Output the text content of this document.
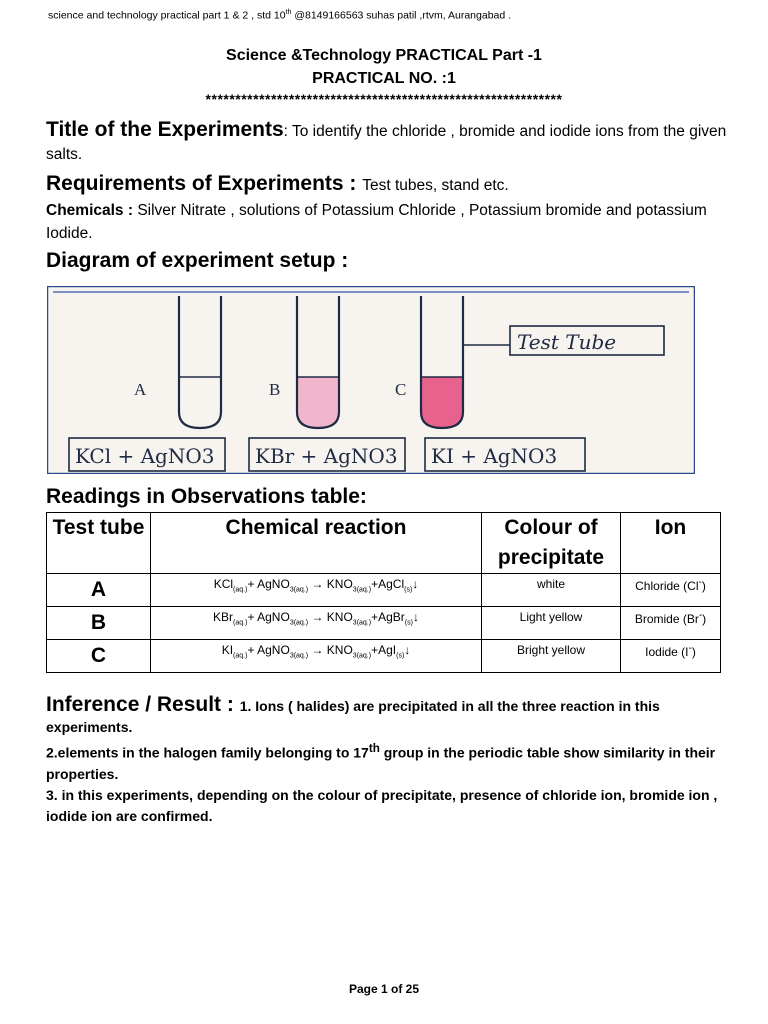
science and technology practical part 1 & 2 , std 10th @8149166563 suhas patil ,rtvm, Aurangabad .
Science &Technology PRACTICAL Part -1
PRACTICAL NO. :1
************************************************************
Title of the Experiments: To identify the chloride , bromide and iodide ions from the given salts.
Requirements of Experiments : Test tubes, stand etc.
Chemicals : Silver Nitrate , solutions of Potassium Chloride , Potassium bromide and potassium Iodide.
Diagram of experiment setup :
A	B	C
Test Tube
KCl + AgNO3 KBr + AgNO3 KI + AgNO3
Readings in Observations table:
Test tube	Chemical reaction	Colour of precipitate	Ion
A	KCl$_{(aq.)}$+ AgNO$_{3(aq.)}$ → $KNO_{3(aq.)}+AgCl_{(s)}↓$	white	Chloride (Cl-)
B	KBr$_{(aq.)}$+ AgNO$_{3(aq.)}$ → $KNO_{3(aq.)}+AgBr_{(s)}↓$	Light yellow	Bromide (Br-)
C	$KI_{(aq.)}+$ AgNO$_{3(aq.)}$ → $KNO_{3(aq.)}+AgI_{(s)}↓$	Bright yellow	Iodide (I-)
Inference / Result : 1. Ions ( halides) are precipitated in all the three reaction in this experiments.
2.elements in the halogen family belonging to 17th group in the periodic table show similarity in their properties.
3. in this experiments, depending on the colour of precipitate, presence of chloride ion, bromide ion , iodide ion are confirmed.
Page 1 of 25
